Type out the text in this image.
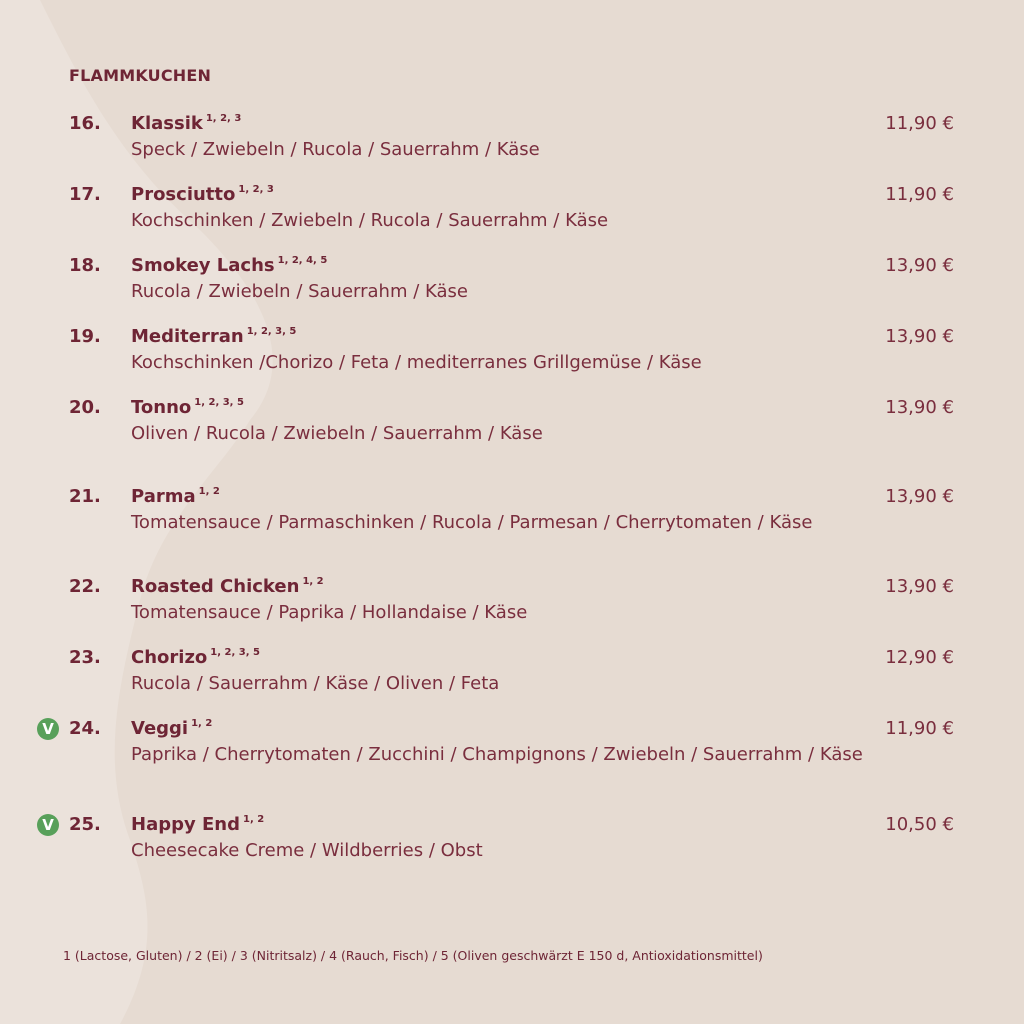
FLAMMKUCHEN
16. Klassik $^{1, 2, 3}$
Speck / Zwiebeln / Rucola / Sauerrahm / Käse
11,90 €
17. Prosciutto $^{1, 2, 3}$
Kochschinken / Zwiebeln / Rucola / Sauerrahm / Käse
11,90 €
18. Smokey Lachs $^{1, 2, 4, 5}$
Rucola / Zwiebeln / Sauerrahm / Käse
13,90 €
19. Mediterran $^{1, 2, 3, 5}$
Kochschinken /Chorizo / Feta / mediterranes Grillgemüse / Käse
13,90 €
20. Tonno $^{1, 2, 3, 5}$
Oliven / Rucola / Zwiebeln / Sauerrahm / Käse
13,90 €
21. Parma $^{1, 2}$
Tomatensauce / Parmaschinken / Rucola / Parmesan / Cherrytomaten / Käse
13,90 €
22. Roasted Chicken $^{1, 2}$
Tomatensauce / Paprika / Hollandaise / Käse
13,90 €
23. Chorizo $^{1, 2, 3, 5}$
Rucola / Sauerrahm / Käse / Oliven / Feta
12,90 €
V 24. Veggi $^{1, 2}$
Paprika / Cherrytomaten / Zucchini / Champignons / Zwiebeln / Sauerrahm / Käse
11,90 €
V 25. Happy End $^{1, 2}$
Cheesecake Creme / Wildberries / Obst
10,50 €
1 (Lactose, Gluten) / 2 (Ei) / 3 (Nitritsalz) / 4 (Rauch, Fisch) / 5 (Oliven geschwärzt E 150 d, Antioxidationsmittel)
